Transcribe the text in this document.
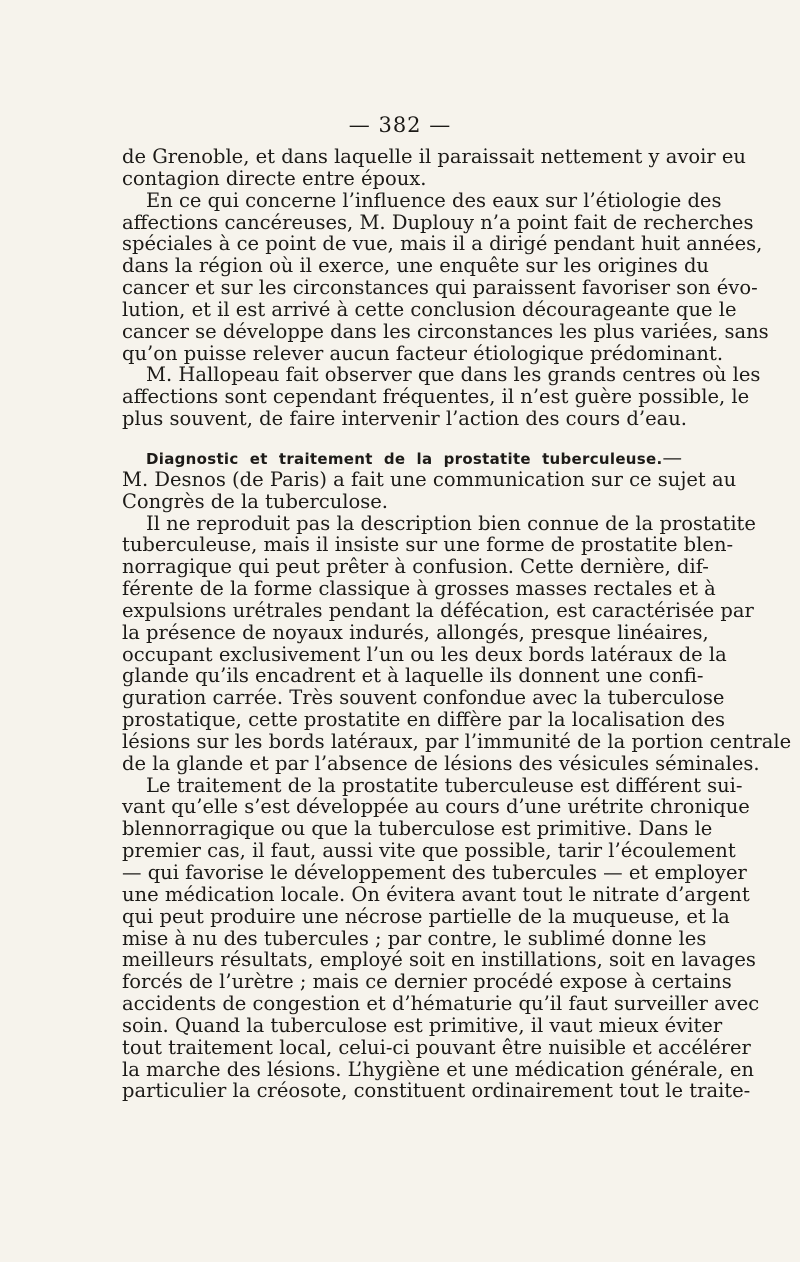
— 382 —
de Grenoble, et dans laquelle il paraissait nettement y avoir eu
contagion directe entre époux.
En ce qui concerne l’influence des eaux sur l’étiologie des
affections cancéreuses, M. Duplouy n’a point fait de recherches
spéciales à ce point de vue, mais il a dirigé pendant huit années,
dans la région où il exerce, une enquête sur les origines du
cancer et sur les circonstances qui paraissent favoriser son évo-
lution, et il est arrivé à cette conclusion décourageante que le
cancer se développe dans les circonstances les plus variées, sans
qu’on puisse relever aucun facteur étiologique prédominant.
M. Hallopeau fait observer que dans les grands centres où les
affections sont cependant fréquentes, il n’est guère possible, le
plus souvent, de faire intervenir l’action des cours d’eau.
Diagnostic et traitement de la prostatite tuberculeuse.—
M. Desnos (de Paris) a fait une communication sur ce sujet au
Congrès de la tuberculose.
Il ne reproduit pas la description bien connue de la prostatite
tuberculeuse, mais il insiste sur une forme de prostatite blen-
norragique qui peut prêter à confusion. Cette dernière, dif-
férente de la forme classique à grosses masses rectales et à
expulsions urétrales pendant la défécation, est caractérisée par
la présence de noyaux indurés, allongés, presque linéaires,
occupant exclusivement l’un ou les deux bords latéraux de la
glande qu’ils encadrent et à laquelle ils donnent une confi-
guration carrée. Très souvent confondue avec la tuberculose
prostatique, cette prostatite en diffère par la localisation des
lésions sur les bords latéraux, par l’immunité de la portion centrale
de la glande et par l’absence de lésions des vésicules séminales.
Le traitement de la prostatite tuberculeuse est différent sui-
vant qu’elle s’est développée au cours d’une urétrite chronique
blennorragique ou que la tuberculose est primitive. Dans le
premier cas, il faut, aussi vite que possible, tarir l’écoulement
— qui favorise le développement des tubercules — et employer
une médication locale. On évitera avant tout le nitrate d’argent
qui peut produire une nécrose partielle de la muqueuse, et la
mise à nu des tubercules ; par contre, le sublimé donne les
meilleurs résultats, employé soit en instillations, soit en lavages
forcés de l’urètre ; mais ce dernier procédé expose à certains
accidents de congestion et d’hématurie qu’il faut surveiller avec
soin. Quand la tuberculose est primitive, il vaut mieux éviter
tout traitement local, celui-ci pouvant être nuisible et accélérer
la marche des lésions. L’hygiène et une médication générale, en
particulier la créosote, constituent ordinairement tout le traite-
